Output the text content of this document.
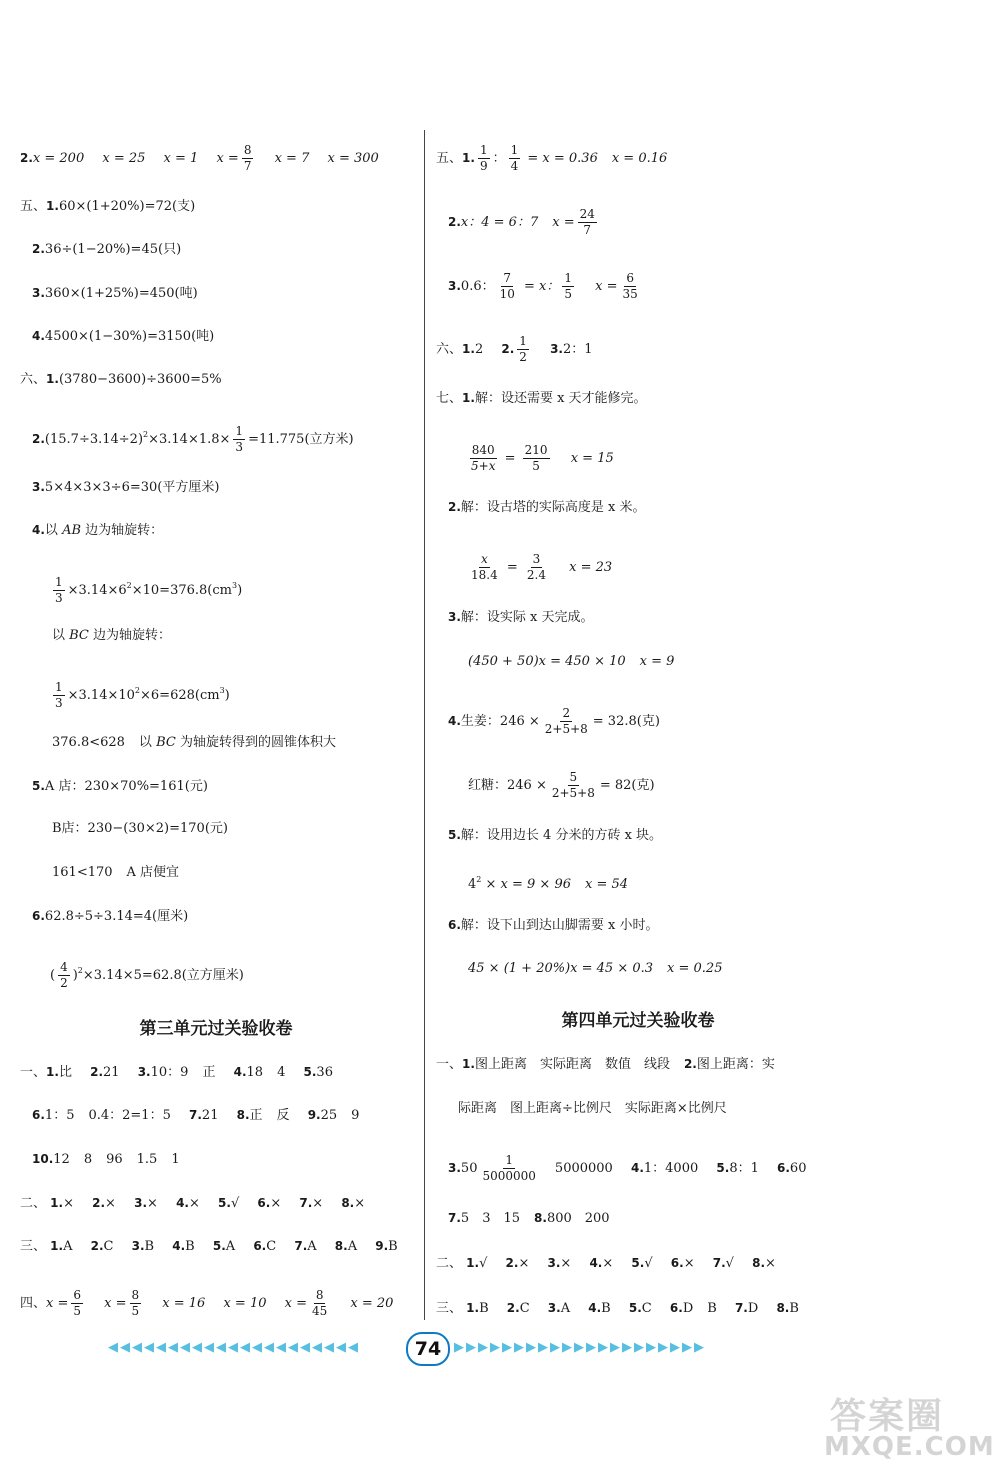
2.x = 200 x = 25 x = 1 $x = \frac{8}{7}$ x = 7 x = 300
五、1.60×(1+20%)=72(支)
2.36÷(1−20%)=45(只)
3.360×(1+25%)=450(吨)
4.4500×(1−30%)=3150(吨)
六、1.(3780−3600)÷3600=5%
$2.(15.7\div 3.14\div 2)^2\times 3.14\times 1.8\times \frac{1}{3} =11.775$(立方米)
3.5×4×3×3÷6=30(平方厘米)
4.以 AB 边为轴旋转：
$\frac{1}{3} \times 3.14\times 6^2\times 10=376.8(cm^3)$
以 BC 边为轴旋转：
$\frac{1}{3} \times 3.14\times 10^2\times 6=628(cm^3)$
376.8<628 以 BC 为轴旋转得到的圆锥体积大
5.A 店：230×70%=161(元)
B店：230−(30×2)=170(元)
161<170 A 店便宜
6.62.8÷5÷3.14=4(厘米)
( $\frac{4}{2} )^2\times 3.14\times 5=62.8$(立方厘米)
第三单元过关验收卷
一、1.比 2.21 3.10：9 正 4.18 4 5.36
6.1：5 0.4：2=1：5 7.21 8.正 反 9.25 9
10.12 8 96 1.5 1
二、 1.× 2.× 3.× 4.× 5.√ 6.× 7.× 8.×
三、 1.A 2.C 3.B 4.B 5.A 6.C 7.A 8.A 9.B
四、$x = \frac{6}{5}$ $x = \frac{8}{5}$ x = 16 x = 10 $x = \frac{8}{45}$ x = 20
五、1. $\frac{1}{9}$ ： $\frac{1}{4} = x = 0.36$ x = 0.16
2.x：4 = 6：7 $x = \frac{24}{7}$
3.0.6： $\frac{7}{10} = x$： $\frac{1}{5}$ $x = \frac{6}{35}$
六、1.2 2. $\frac{1}{2} 3.2$：1
七、1.解：设还需要 x 天才能修完。
$\frac{840}{5+x} = \frac{210}{5}$ x = 15
2.解：设古塔的实际高度是 x 米。
$\frac{x}{18.4} = \frac{3}{2.4}$ x = 23
3.解：设实际 x 天完成。
(450 + 50)x = 450 × 10 x = 9
4.生姜：$246 \times \frac{2}{2+5+8} = 32.8$(克)
红糖：$246 \times \frac{5}{2+5+8} = 82$(克)
5.解：设用边长 4 分米的方砖 x 块。
$4^2 \times x = 9 \times 96$ x = 54
6.解：设下山到达山脚需要 x 小时。
45 × (1 + 20%)x = 45 × 0.3 x = 0.25
第四单元过关验收卷
一、1.图上距离　实际距离　数值　线段 2.图上距离：实
际距离　图上距离÷比例尺　实际距离×比例尺
$3.50 \frac{1}{5000000} 5000000$ 4.1：4000 5.8：1 6.60
7.5　3　15 8.800　200
二、 1.√ 2.× 3.× 4.× 5.√ 6.× 7.√ 8.×
三、 1.B 2.C 3.A 4.B 5.C 6.D B 7.D 8.B
◀◀◀◀◀◀◀◀◀◀◀◀◀◀◀◀◀◀◀◀◀	74 ▶▶▶▶▶▶▶▶▶▶▶▶▶▶▶▶▶▶▶▶▶
答案圈
MXQE.COM
